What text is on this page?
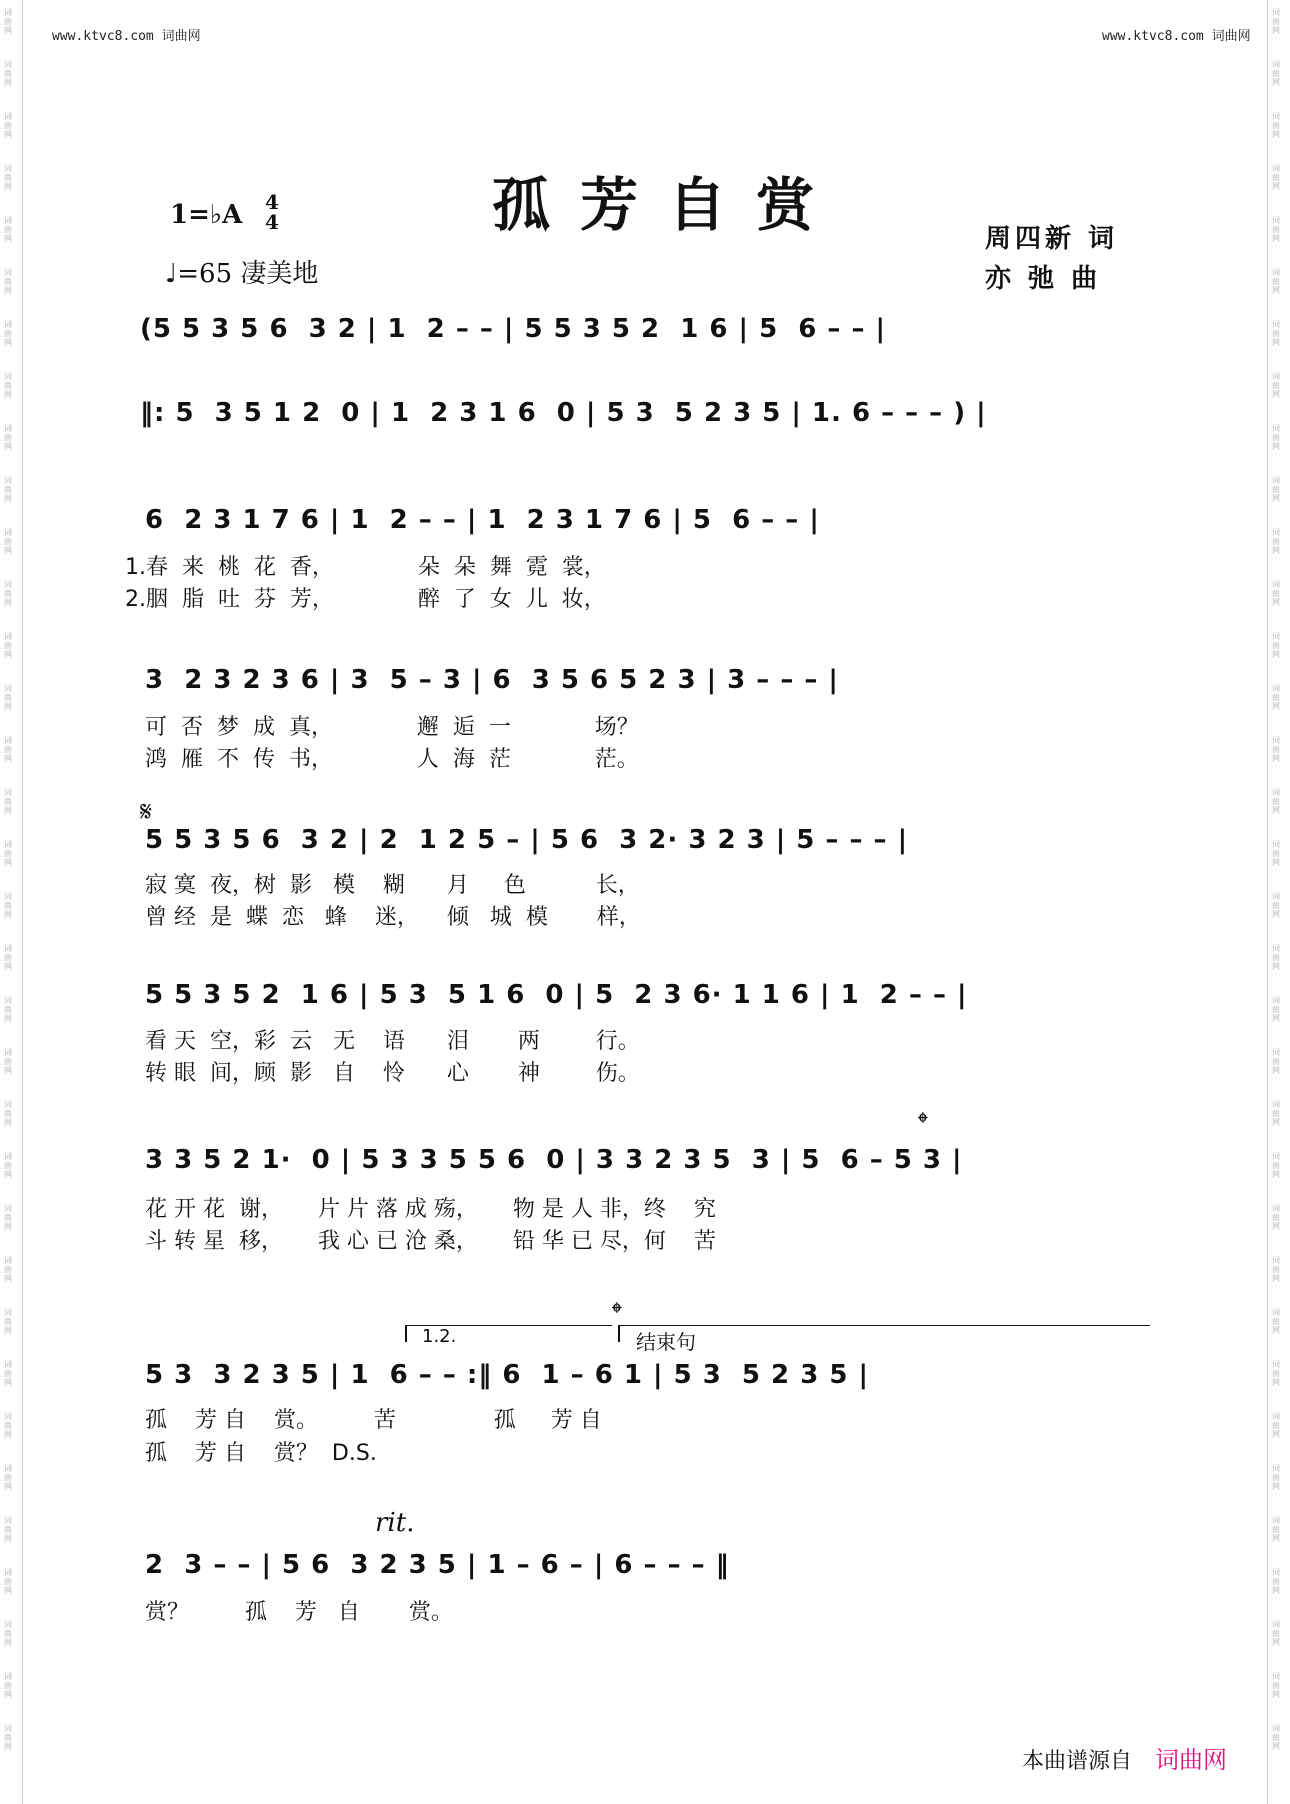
www.ktvc8.com 词曲网	www.ktvc8.com 词曲网
词
曲
网
词
曲
网
词
曲
网
词
曲
网
词
曲
网
词
曲
网
词
曲
网
词
曲
网
词
曲
网
词
曲
网
词
曲
网
词
曲
网
词
曲
网
词
曲
网
词
曲
网
词
曲
网
词
曲
网
词
曲
网
词
曲
网
词
曲
网
词
曲
网
词
曲
网
词
曲
网
词
曲
网
词
曲
网
词
曲
网
词
曲
网
词
曲
网
词
曲
网
词
曲
网
词
曲
网
词
曲
网
词
曲
网
词
曲
网
词
曲
网
词
曲
网
词
曲
网
词
曲
网
词
曲
网
词
曲
网
词
曲
网
词
曲
网
词
曲
网
词
曲
网
词
曲
网
词
曲
网
词
曲
网
词
曲
网
词
曲
网
词
曲
网
词
曲
网
词
曲
网
词
曲
网
词
曲
网
词
曲
网
词
曲
网
词
曲
网
词
曲
网
词
曲
网
词
曲
网
词
曲
网
词
曲
网
词
曲
网
词
曲
网
词
曲
网
词
曲
网
词
曲
网
词
曲
网
孤芳自赏
1=♭A 4
4
♩=65 凄美地
周四新 词
亦 弛 曲
(5 5 3 5 6  3 2 | 1  2 – – | 5 5 3 5 2  1 6 | 5  6 – – |
‖: 5  3 5 1 2  0 | 1  2 3 1 6  0 | 5 3  5 2 3 5 | 1. 6 – – – ) |
6  2 3 1 7 6 | 1  2 – – | 1  2 3 1 7 6 | 5  6 – – |
1.春  来  桃  花  香，            朵  朵  舞  霓  裳，
2.胭  脂  吐  芬  芳，            醉  了  女  儿  妆，
3  2 3 2 3 6 | 3  5 – 3 | 6  3 5 6 5 2 3 | 3 – – – |
可  否  梦  成  真，            邂  逅  一            场？
鸿  雁  不  传  书，            人  海  茫            茫。
𝄋
5 5 3 5 6  3 2 | 2  1 2 5 – | 5 6  3 2· 3 2 3 | 5 – – – |
寂 寞  夜，树  影   模    糊      月     色          长，
曾 经  是  蝶  恋   蜂    迷，    倾   城  模       样，
5 5 3 5 2  1 6 | 5 3  5 1 6  0 | 5  2 3 6· 1 1 6 | 1  2 – – |
看 天  空，彩  云   无    语      泪       两        行。
转 眼  间，顾  影   自    怜      心       神        伤。
𝄌
3 3 5 2 1·  0 | 5 3 3 5 5 6  0 | 3 3 2 3 5  3 | 5  6 – 5 3 |
花 开 花  谢，     片 片 落 成 殇，     物 是 人 非，终    究
斗 转 星  移，     我 心 已 沧 桑，     铅 华 已 尽，何    苦
1.2.
𝄌
结束句
5 3  3 2 3 5 | 1  6 – – :‖ 6  1 – 6 1 | 5 3  5 2 3 5 |
孤    芳 自    赏。        苦              孤     芳 自
孤    芳 自    赏？  D.S.
rit.
2  3 – – | 5 6  3 2 3 5 | 1 – 6 – | 6 – – – ‖
赏？        孤    芳   自       赏。
本曲谱源自 词曲网
